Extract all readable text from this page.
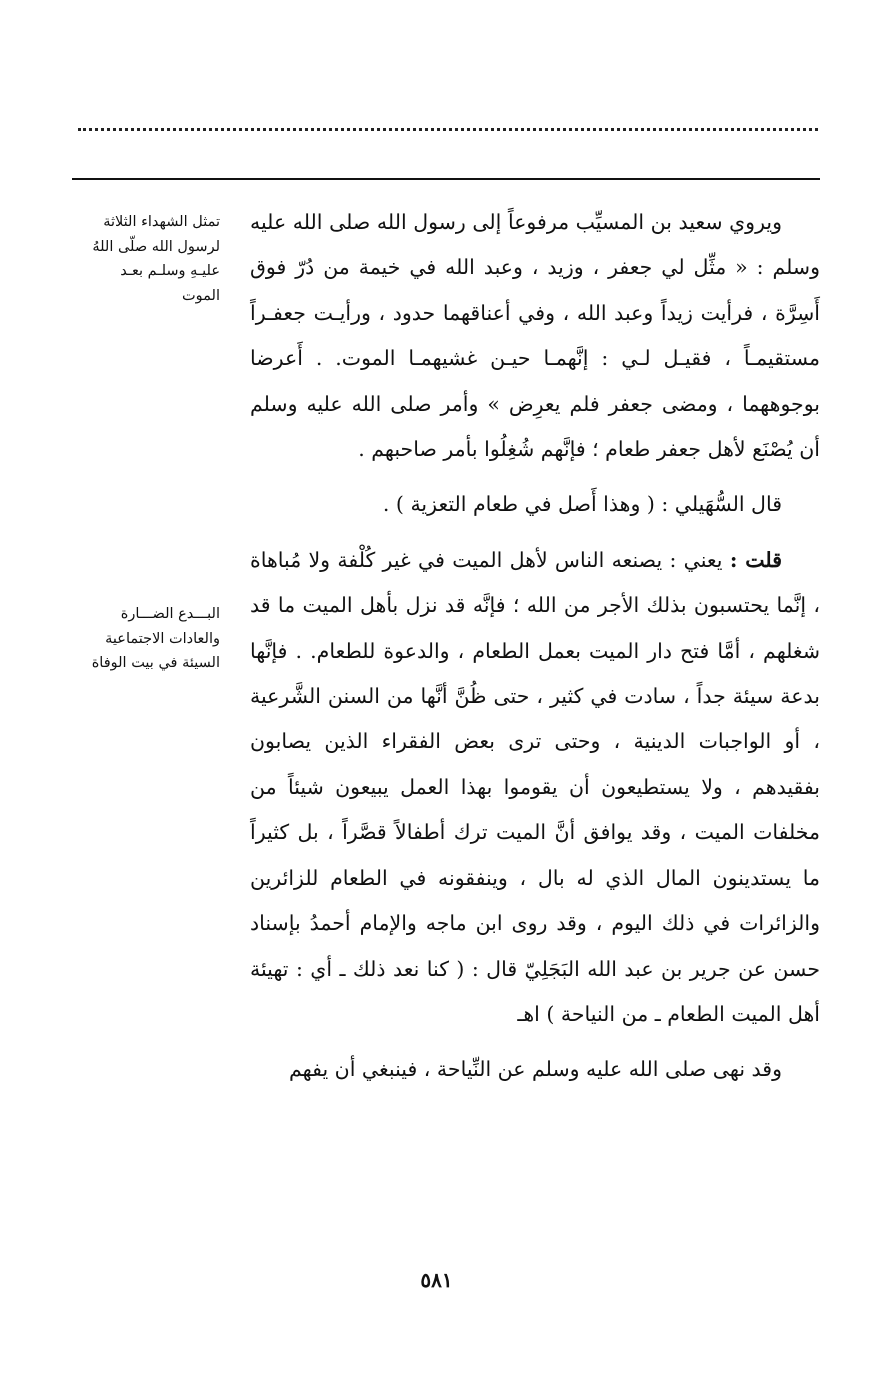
تمثل الشهداء الثلاثة
لرسول الله صلّى اللهُ
عليـهِ وسلـم بعـد
الموت
البـــدع الضـــارة
والعادات الاجتماعية
السيئة في بيت الوفاة

ويروي سعيد بن المسيِّب مرفوعاً إلى رسول الله صلى الله عليه وسلم : « مثِّل لي جعفر ، وزيد ، وعبد الله في خيمة من دُرّ فوق أَسِرَّة ، فرأيت زيداً وعبد الله ، وفي أعناقهما حدود ، ورأيـت جعفـراً مستقيمـاً ، فقيـل لـي : إنَّهمـا حيـن غشيهمـا الموت. . أَعرضا بوجوههما ، ومضى جعفر فلم يعرِض » وأمر صلى الله عليه وسلم أن يُصْنَع لأهل جعفر طعام ؛ فإنَّهم شُغِلُوا بأمر صاحبهم .

قال السُّهَيلي : ( وهذا أَصل في طعام التعزية ) .

قلت : يعني : يصنعه الناس لأهل الميت في غير كُلْفة ولا مُباهاة ، إنَّما يحتسبون بذلك الأجر من الله ؛ فإنَّه قد نزل بأهل الميت ما قد شغلهم ، أمَّا فتح دار الميت بعمل الطعام ، والدعوة للطعام. . فإنَّها بدعة سيئة جداً ، سادت في كثير ، حتى ظُنَّ أنَّها من السنن الشَّرعية ، أو الواجبات الدينية ، وحتى ترى بعض الفقراء الذين يصابون بفقيدهم ، ولا يستطيعون أن يقوموا بهذا العمل يبيعون شيئاً من مخلفات الميت ، وقد يوافق أنَّ الميت ترك أطفالاً قصَّراً ، بل كثيراً ما يستدينون المال الذي له بال ، وينفقونه في الطعام للزائرين والزائرات في ذلك اليوم ، وقد روى ابن ماجه والإمام أحمدُ بإسناد حسن عن جرير بن عبد الله البَجَلِيّ قال : ( كنا نعد ذلك ـ أي : تهيئة أهل الميت الطعام ـ من النياحة ) اهـ

وقد نهى صلى الله عليه وسلم عن النِّياحة ، فينبغي أن يفهم

٥٨١
